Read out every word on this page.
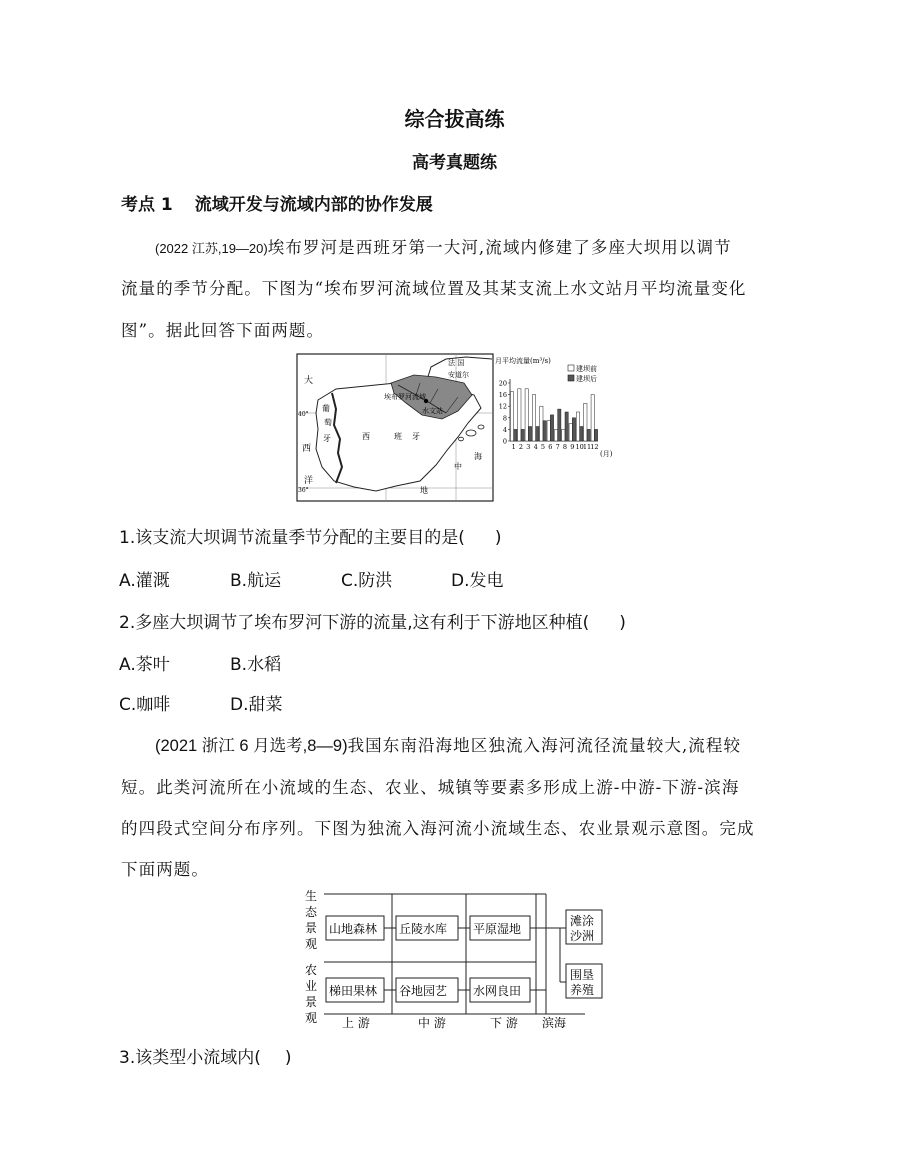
综合拔高练
高考真题练
考点 1 流域开发与流域内部的协作发展
(2022 江苏,19—20)埃布罗河是西班牙第一大河,流域内修建了多座大坝用以调节
流量的季节分配。下图为“埃布罗河流域位置及其某支流上水文站月平均流量变化
图”。据此回答下面两题。
大
西
洋
葡
萄
牙	西	班 牙
海
中
地
法 国
安道尔
埃布罗河流域
水文站
40°
36°
月平均流量(m³/s)
建坝前
建坝后
(月)
0
4
8
12
16
20
1 2 3 4 5 6 7 8 9 10 11 12
1.该支流大坝调节流量季节分配的主要目的是( )
A.灌溉	B.航运	C.防洪	D.发电
2.多座大坝调节了埃布罗河下游的流量,这有利于下游地区种植( )
A.茶叶	B.水稻
C.咖啡	D.甜菜
(2021 浙江 6 月选考,8—9)我国东南沿海地区独流入海河流径流量较大,流程较
短。此类河流所在小流域的生态、农业、城镇等要素多形成上游-中游-下游-滨海
的四段式空间分布序列。下图为独流入海河流小流域生态、农业景观示意图。完成
下面两题。
生
态
景
观
农
业
景
观
山地森林 丘陵水库 平原湿地
梯田果林 谷地园艺 水网良田
滩涂
沙洲
围垦
养殖
上 游	中 游	下 游 滨海
3.该类型小流域内( )
